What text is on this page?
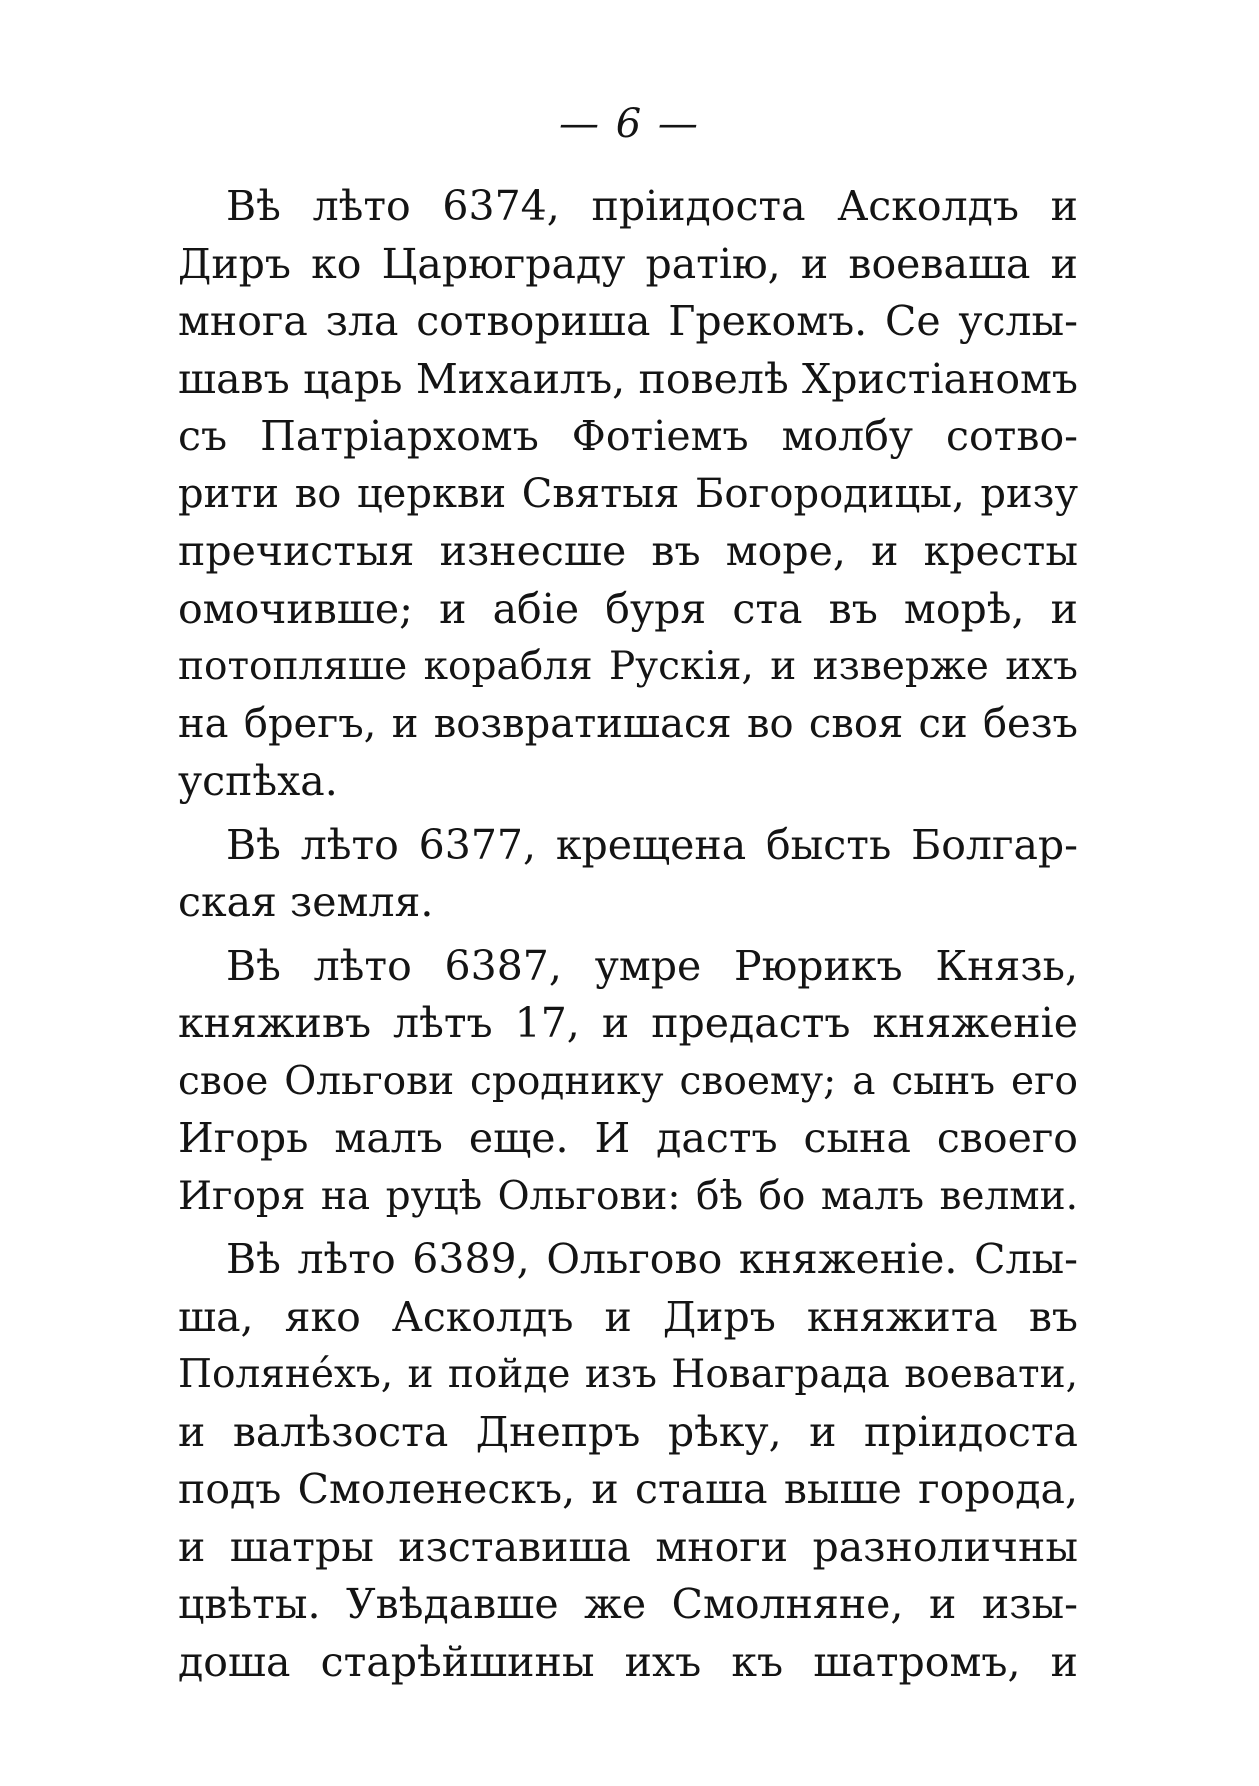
— 6 —
Вѣ лѣто 6374, пріидоста Асколдъ и
Диръ ко Царюграду ратію, и воеваша и
многа зла сотвориша Грекомъ. Се услы-
шавъ царь Михаилъ, повелѣ Христіаномъ
съ Патріархомъ Фотіемъ молбу сотво-
рити во церкви Святыя Богородицы, ризу
пречистыя изнесше въ море, и кресты
омочивше; и абіе буря ста въ морѣ, и
потопляше корабля Рускія, и изверже ихъ
на брегъ, и возвратишася во своя си безъ
успѣха.
Вѣ лѣто 6377, крещена бысть Болгар-
ская земля.
Вѣ лѣто 6387, умре Рюрикъ Князь,
княживъ лѣтъ 17, и предастъ княженіе
свое Ольгови сроднику своему; а сынъ его
Игорь малъ еще. И дастъ сына своего
Игоря на руцѣ Ольгови: бѣ бо малъ велми.
Вѣ лѣто 6389, Ольгово княженіе. Слы-
ша, яко Асколдъ и Диръ княжита въ
Поляне́хъ, и пойде изъ Новаграда воевати,
и валѣзоста Днепръ рѣку, и пріидоста
подъ Смоленескъ, и сташа выше города,
и шатры изставиша многи разноличны
цвѣты. Увѣдавше же Смолняне, и изы-
доша старѣйшины ихъ къ шатромъ, и
